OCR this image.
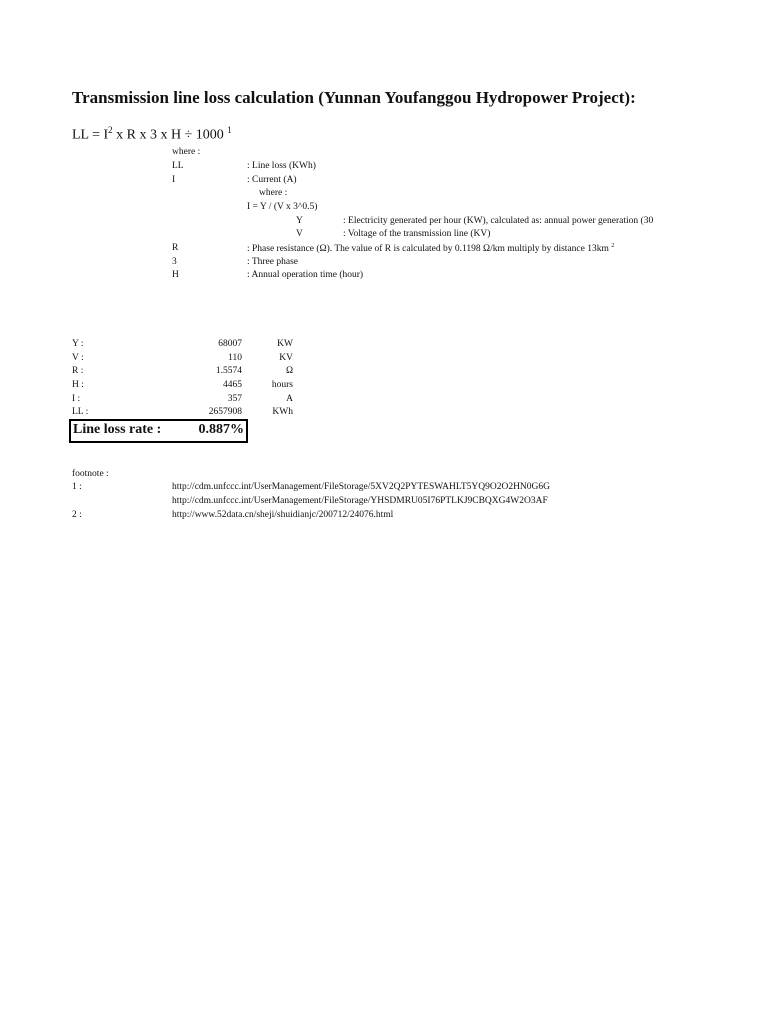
Transmission line loss calculation (Yunnan Youfanggou Hydropower Project):
LL = $I^2$ x R x 3 x H ÷ 1000 $^1$
where :
LL	: Line loss (KWh)
I	: Current (A)
where :
I = Y / (V x 3^0.5)
Y	: Electricity generated per hour (KW), calculated as: annual power generation (30
V	: Voltage of the transmission line (KV)
R	: Phase resistance (Ω). The value of R is calculated by 0.1198 Ω/km multiply by distance 13km $^2$
3	: Three phase
H	: Annual operation time (hour)
Y :	68007	KW
V :	110	KV
R :	1.5574	Ω
H :	4465	hours
I :	357	A
LL :	2657908	KWh
Line loss rate :	0.887%
footnote :
1 :	http://cdm.unfccc.int/UserManagement/FileStorage/5XV2Q2PYTESWAHLT5YQ9O2O2HN0G6G
http://cdm.unfccc.int/UserManagement/FileStorage/YHSDMRU05I76PTLKJ9CBQXG4W2O3AF
2 :	http://www.52data.cn/sheji/shuidianjc/200712/24076.html
